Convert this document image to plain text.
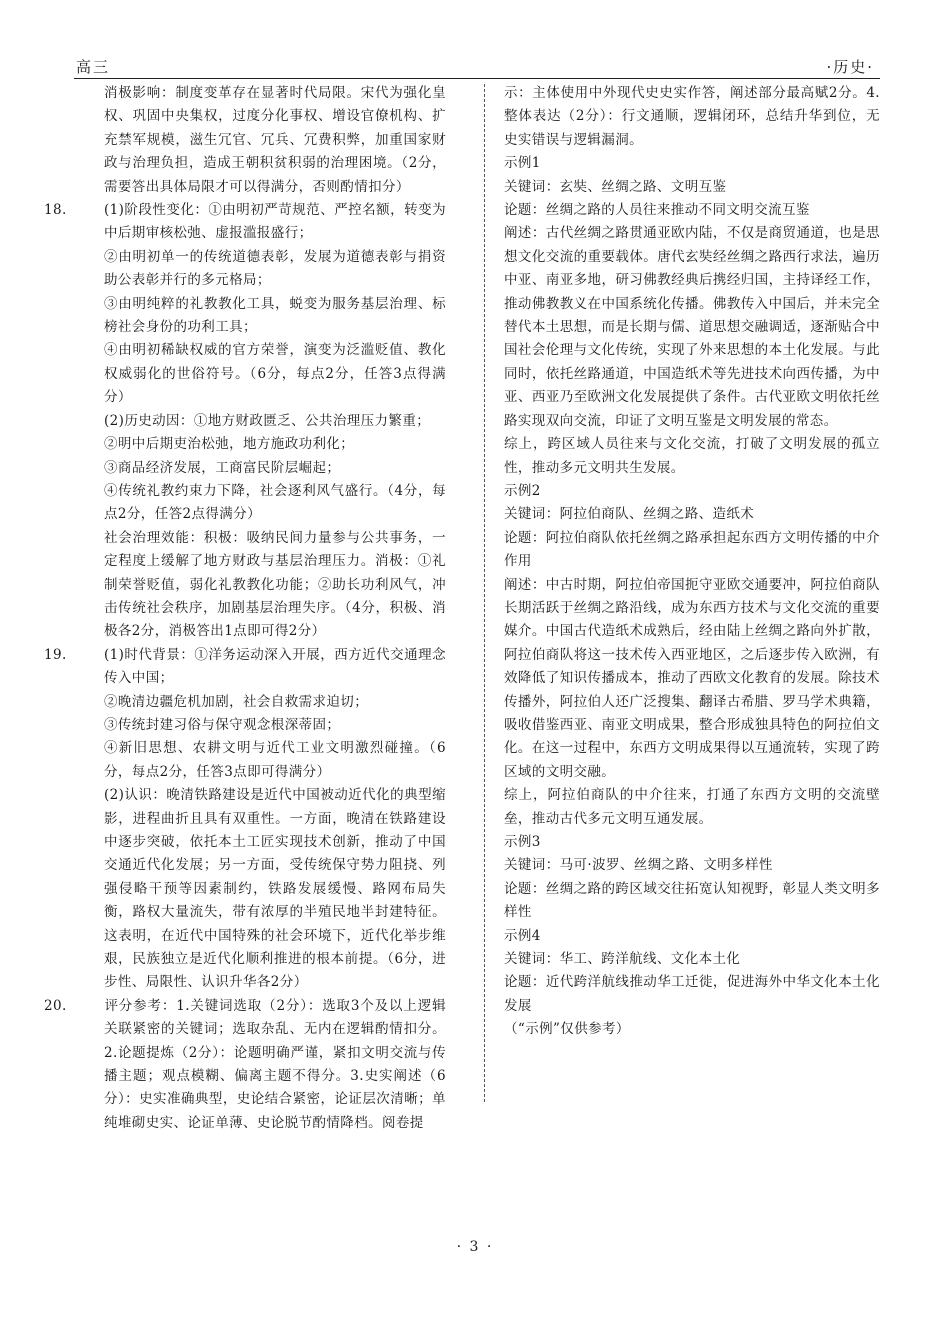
高三	·历史·

消极影响：制度变革存在显著时代局限。宋代为强化皇权、巩固中央集权，过度分化事权、增设官僚机构、扩充禁军规模，滋生冗官、冗兵、冗费积弊，加重国家财政与治理负担，造成王朝积贫积弱的治理困境。（2分，需要答出具体局限才可以得满分，否则酌情扣分）

18.	(1)阶段性变化：①由明初严苛规范、严控名额，转变为中后期审核松弛、虚报滥报盛行；

②由明初单一的传统道德表彰，发展为道德表彰与捐资助公表彰并行的多元格局；

③由明纯粹的礼教教化工具，蜕变为服务基层治理、标榜社会身份的功利工具；

④由明初稀缺权威的官方荣誉，演变为泛滥贬值、教化权威弱化的世俗符号。（6分，每点2分，任答3点得满分）

(2)历史动因：①地方财政匮乏、公共治理压力繁重；

②明中后期吏治松弛，地方施政功利化；

③商品经济发展，工商富民阶层崛起；

④传统礼教约束力下降，社会逐利风气盛行。（4分，每点2分，任答2点得满分）

社会治理效能：积极：吸纳民间力量参与公共事务，一定程度上缓解了地方财政与基层治理压力。消极：①礼制荣誉贬值，弱化礼教教化功能；②助长功利风气，冲击传统社会秩序，加剧基层治理失序。（4分，积极、消极各2分，消极答出1点即可得2分）

19.	(1)时代背景：①洋务运动深入开展，西方近代交通理念传入中国；

②晚清边疆危机加剧，社会自救需求迫切；

③传统封建习俗与保守观念根深蒂固；

④新旧思想、农耕文明与近代工业文明激烈碰撞。（6分，每点2分，任答3点即可得满分）

(2)认识：晚清铁路建设是近代中国被动近代化的典型缩影，进程曲折且具有双重性。一方面，晚清在铁路建设中逐步突破，依托本土工匠实现技术创新，推动了中国交通近代化发展；另一方面，受传统保守势力阻挠、列强侵略干预等因素制约，铁路发展缓慢、路网布局失衡，路权大量流失，带有浓厚的半殖民地半封建特征。这表明，在近代中国特殊的社会环境下，近代化举步维艰，民族独立是近代化顺利推进的根本前提。（6分，进步性、局限性、认识升华各2分）

20.	评分参考：1.关键词选取（2分）：选取3个及以上逻辑关联紧密的关键词；选取杂乱、无内在逻辑酌情扣分。2.论题提炼（2分）：论题明确严谨，紧扣文明交流与传播主题；观点模糊、偏离主题不得分。3.史实阐述（6分）：史实准确典型，史论结合紧密，论证层次清晰；单纯堆砌史实、论证单薄、史论脱节酌情降档。阅卷提

示：主体使用中外现代史史实作答，阐述部分最高赋2分。4.整体表达（2分）：行文通顺，逻辑闭环，总结升华到位，无史实错误与逻辑漏洞。

示例1

关键词：玄奘、丝绸之路、文明互鉴

论题：丝绸之路的人员往来推动不同文明交流互鉴

阐述：古代丝绸之路贯通亚欧内陆，不仅是商贸通道，也是思想文化交流的重要载体。唐代玄奘经丝绸之路西行求法，遍历中亚、南亚多地，研习佛教经典后携经归国，主持译经工作，推动佛教教义在中国系统化传播。佛教传入中国后，并未完全替代本土思想，而是长期与儒、道思想交融调适，逐渐贴合中国社会伦理与文化传统，实现了外来思想的本土化发展。与此同时，依托丝路通道，中国造纸术等先进技术向西传播，为中亚、西亚乃至欧洲文化发展提供了条件。古代亚欧文明依托丝路实现双向交流，印证了文明互鉴是文明发展的常态。

综上，跨区域人员往来与文化交流，打破了文明发展的孤立性，推动多元文明共生发展。

示例2

关键词：阿拉伯商队、丝绸之路、造纸术

论题：阿拉伯商队依托丝绸之路承担起东西方文明传播的中介作用

阐述：中古时期，阿拉伯帝国扼守亚欧交通要冲，阿拉伯商队长期活跃于丝绸之路沿线，成为东西方技术与文化交流的重要媒介。中国古代造纸术成熟后，经由陆上丝绸之路向外扩散，阿拉伯商队将这一技术传入西亚地区，之后逐步传入欧洲，有效降低了知识传播成本，推动了西欧文化教育的发展。除技术传播外，阿拉伯人还广泛搜集、翻译古希腊、罗马学术典籍，吸收借鉴西亚、南亚文明成果，整合形成独具特色的阿拉伯文化。在这一过程中，东西方文明成果得以互通流转，实现了跨区域的文明交融。

综上，阿拉伯商队的中介往来，打通了东西方文明的交流壁垒，推动古代多元文明互通发展。

示例3

关键词：马可·波罗、丝绸之路、文明多样性

论题：丝绸之路的跨区域交往拓宽认知视野，彰显人类文明多样性

示例4

关键词：华工、跨洋航线、文化本土化

论题：近代跨洋航线推动华工迁徙，促进海外中华文化本土化发展

（“示例”仅供参考）

· 3 ·
